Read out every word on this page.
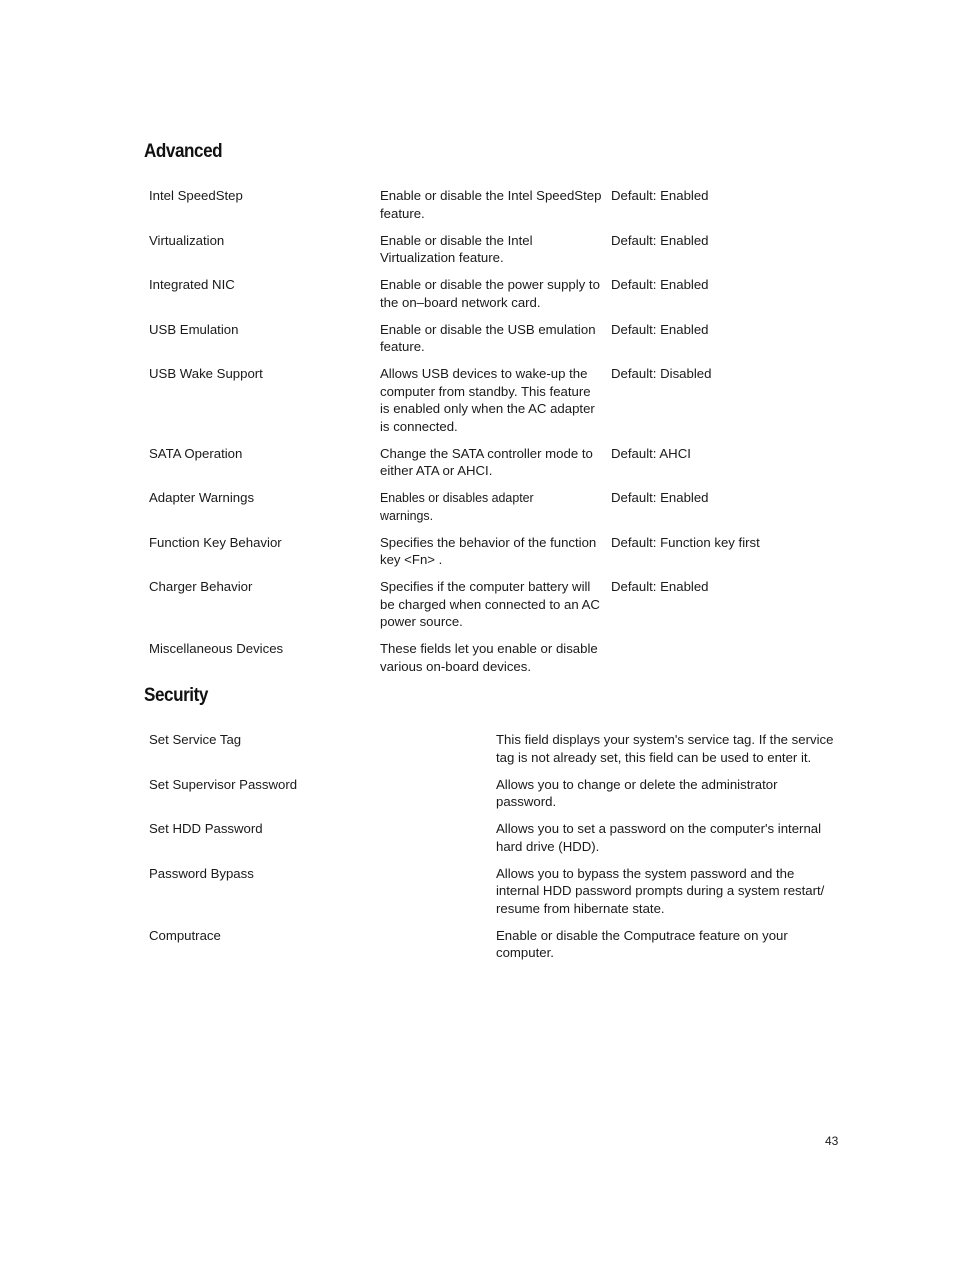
Advanced
Intel SpeedStep	Enable or disable the Intel SpeedStep feature.	Default: Enabled
Virtualization	Enable or disable the Intel Virtualization feature.	Default: Enabled
Integrated NIC	Enable or disable the power supply to the on–board network card.	Default: Enabled
USB Emulation	Enable or disable the USB emulation feature.	Default: Enabled
USB Wake Support	Allows USB devices to wake-up the computer from standby. This feature is enabled only when the AC adapter is connected.	Default: Disabled
SATA Operation	Change the SATA controller mode to either ATA or AHCI.	Default: AHCI
Adapter Warnings	Enables or disables adapter warnings.	Default: Enabled
Function Key Behavior	Specifies the behavior of the function key <Fn> .	Default: Function key first
Charger Behavior	Specifies if the computer battery will be charged when connected to an AC power source.	Default: Enabled
Miscellaneous Devices	These fields let you enable or disable various on-board devices.	
Security
Set Service Tag	This field displays your system's service tag. If the service tag is not already set, this field can be used to enter it.
Set Supervisor Password	Allows you to change or delete the administrator password.
Set HDD Password	Allows you to set a password on the computer's internal hard drive (HDD).
Password Bypass	Allows you to bypass the system password and the internal HDD password prompts during a system restart/ resume from hibernate state.
Computrace	Enable or disable the Computrace feature on your computer.
43
